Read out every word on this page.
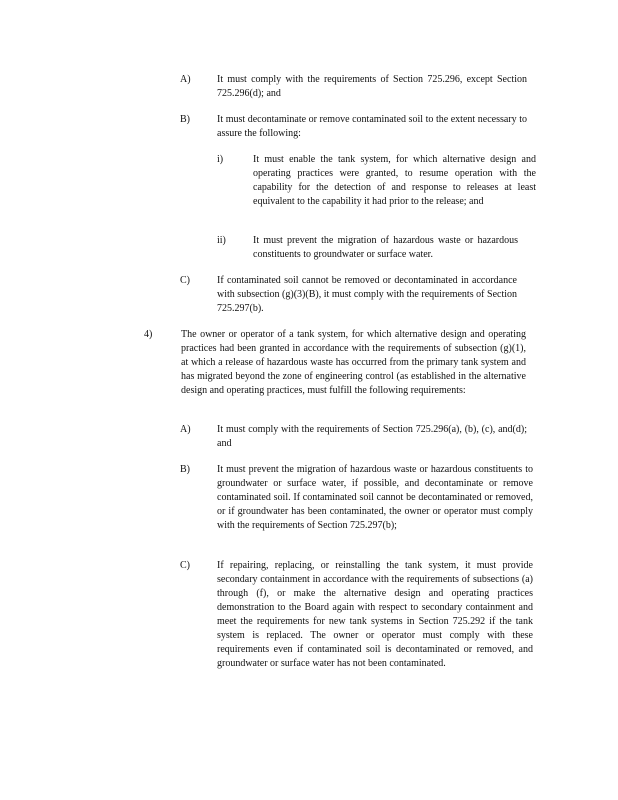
A)	It must comply with the requirements of Section 725.296, except Section 725.296(d); and
B)	It must decontaminate or remove contaminated soil to the extent necessary to assure the following:
i)	It must enable the tank system, for which alternative design and operating practices were granted, to resume operation with the capability for the detection of and response to releases at least equivalent to the capability it had prior to the release; and
ii)	It must prevent the migration of hazardous waste or hazardous constituents to groundwater or surface water.
C)	If contaminated soil cannot be removed or decontaminated in accordance with subsection (g)(3)(B), it must comply with the requirements of Section 725.297(b).
4)	The owner or operator of a tank system, for which alternative design and operating practices had been granted in accordance with the requirements of subsection (g)(1), at which a release of hazardous waste has occurred from the primary tank system and has migrated beyond the zone of engineering control (as established in the alternative design and operating practices, must fulfill the following requirements:
A)	It must comply with the requirements of Section 725.296(a), (b), (c), and(d); and
B)	It must prevent the migration of hazardous waste or hazardous constituents to groundwater or surface water, if possible, and decontaminate or remove contaminated soil. If contaminated soil cannot be decontaminated or removed, or if groundwater has been contaminated, the owner or operator must comply with the requirements of Section 725.297(b);
C)	If repairing, replacing, or reinstalling the tank system, it must provide secondary containment in accordance with the requirements of subsections (a) through (f), or make the alternative design and operating practices demonstration to the Board again with respect to secondary containment and meet the requirements for new tank systems in Section 725.292 if the tank system is replaced. The owner or operator must comply with these requirements even if contaminated soil is decontaminated or removed, and groundwater or surface water has not been contaminated.
